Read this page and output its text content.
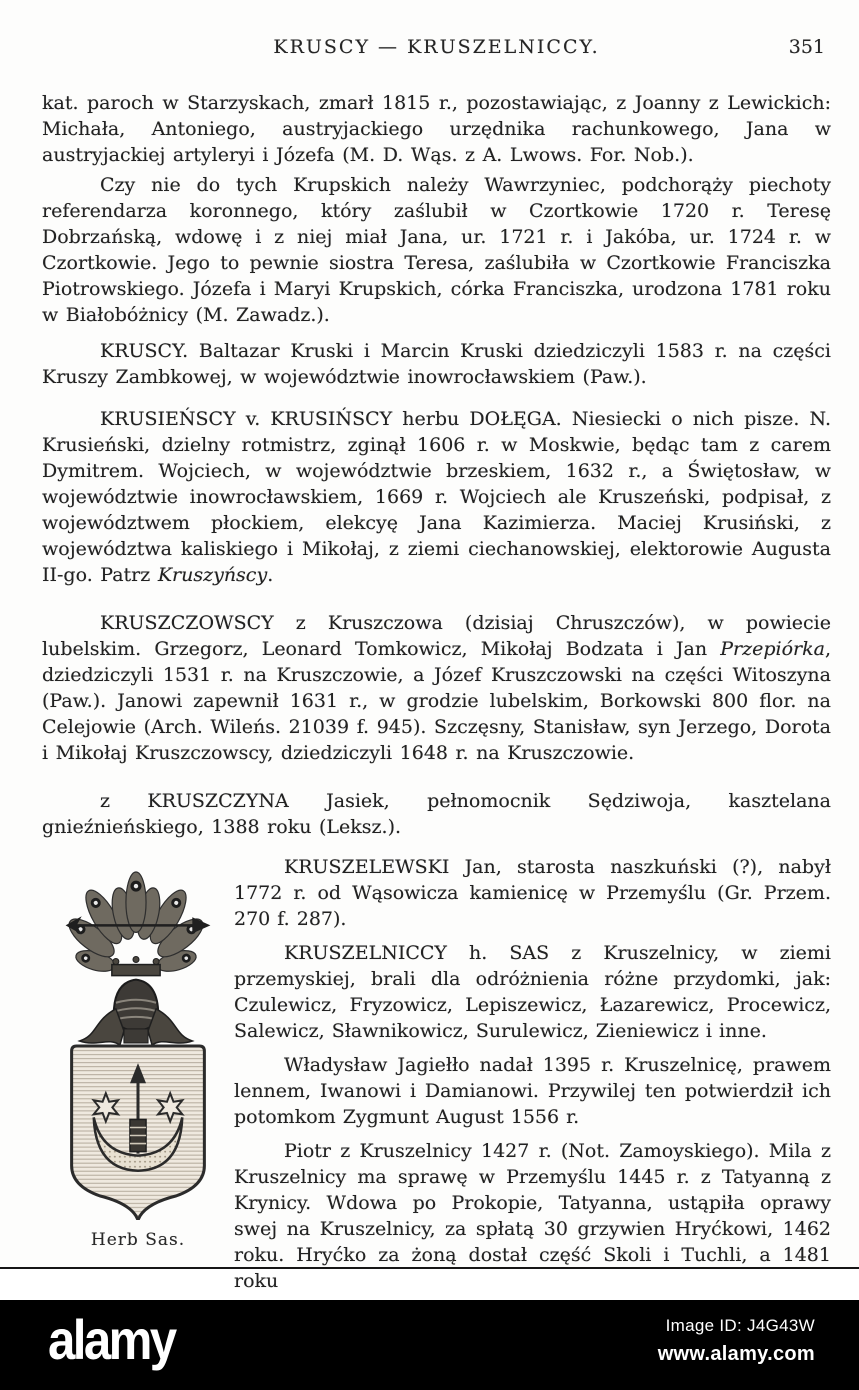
KRUSCY — KRUSZELNICCY.	351

kat. paroch w Starzyskach, zmarł 1815 r., pozostawiając, z Joanny z Lewickich: Michała, Antoniego, austryjackiego urzędnika rachunkowego, Jana w austryjackiej artyleryi i Józefa (M. D. Wąs. z A. Lwows. For. Nob.).

Czy nie do tych Krupskich należy Wawrzyniec, podchorąży piechoty referendarza koronnego, który zaślubił w Czortkowie 1720 r. Teresę Dobrzańską, wdowę i z niej miał Jana, ur. 1721 r. i Jakóba, ur. 1724 r. w Czortkowie. Jego to pewnie siostra Teresa, zaślubiła w Czortkowie Franciszka Piotrowskiego. Józefa i Maryi Krupskich, córka Franciszka, urodzona 1781 roku w Białobóżnicy (M. Zawadz.).

KRUSCY. Baltazar Kruski i Marcin Kruski dziedziczyli 1583 r. na części Kruszy Zambkowej, w województwie inowrocławskiem (Paw.).

KRUSIEŃSCY v. KRUSIŃSCY herbu DOŁĘGA. Niesiecki o nich pisze. N. Krusieński, dzielny rotmistrz, zginął 1606 r. w Moskwie, będąc tam z carem Dymitrem. Wojciech, w województwie brzeskiem, 1632 r., a Świętosław, w województwie inowrocławskiem, 1669 r. Wojciech ale Kruszeński, podpisał, z województwem płockiem, elekcyę Jana Kazimierza. Maciej Krusiński, z województwa kaliskiego i Mikołaj, z ziemi ciechanowskiej, elektorowie Augusta II-go. Patrz Kruszyńscy.

KRUSZCZOWSCY z Kruszczowa (dzisiaj Chruszczów), w powiecie lubelskim. Grzegorz, Leonard Tomkowicz, Mikołaj Bodzata i Jan Przepiórka, dziedziczyli 1531 r. na Kruszczowie, a Józef Kruszczowski na części Witoszyna (Paw.). Janowi zapewnił 1631 r., w grodzie lubelskim, Borkowski 800 flor. na Celejowie (Arch. Wileńs. 21039 f. 945). Szczęsny, Stanisław, syn Jerzego, Dorota i Mikołaj Kruszczowscy, dziedziczyli 1648 r. na Kruszczowie.

z KRUSZCZYNA Jasiek, pełnomocnik Sędziwoja, kasztelana gnieźnieńskiego, 1388 roku (Leksz.).

Herb Sas.

KRUSZELEWSKI Jan, starosta naszkuński (?), nabył 1772 r. od Wąsowicza kamienicę w Przemyślu (Gr. Przem. 270 f. 287).

KRUSZELNICCY h. SAS z Kruszelnicy, w ziemi przemyskiej, brali dla odróżnienia różne przydomki, jak: Czulewicz, Fryzowicz, Lepiszewicz, Łazarewicz, Procewicz, Salewicz, Sławnikowicz, Surulewicz, Zieniewicz i inne.

Władysław Jagiełło nadał 1395 r. Kruszelnicę, prawem lennem, Iwanowi i Damianowi. Przywilej ten potwierdził ich potomkom Zygmunt August 1556 r.

Piotr z Kruszelnicy 1427 r. (Not. Zamoyskiego). Mila z Kruszelnicy ma sprawę w Przemyślu 1445 r. z Tatyanną z Krynicy. Wdowa po Prokopie, Tatyanna, ustąpiła oprawy swej na Kruszelnicy, za spłatą 30 grzywien Hryćkowi, 1462 roku. Hryćko za żoną dostał część Skoli i Tuchli, a 1481 roku

alamy	Image ID: J4G43W
www.alamy.com
